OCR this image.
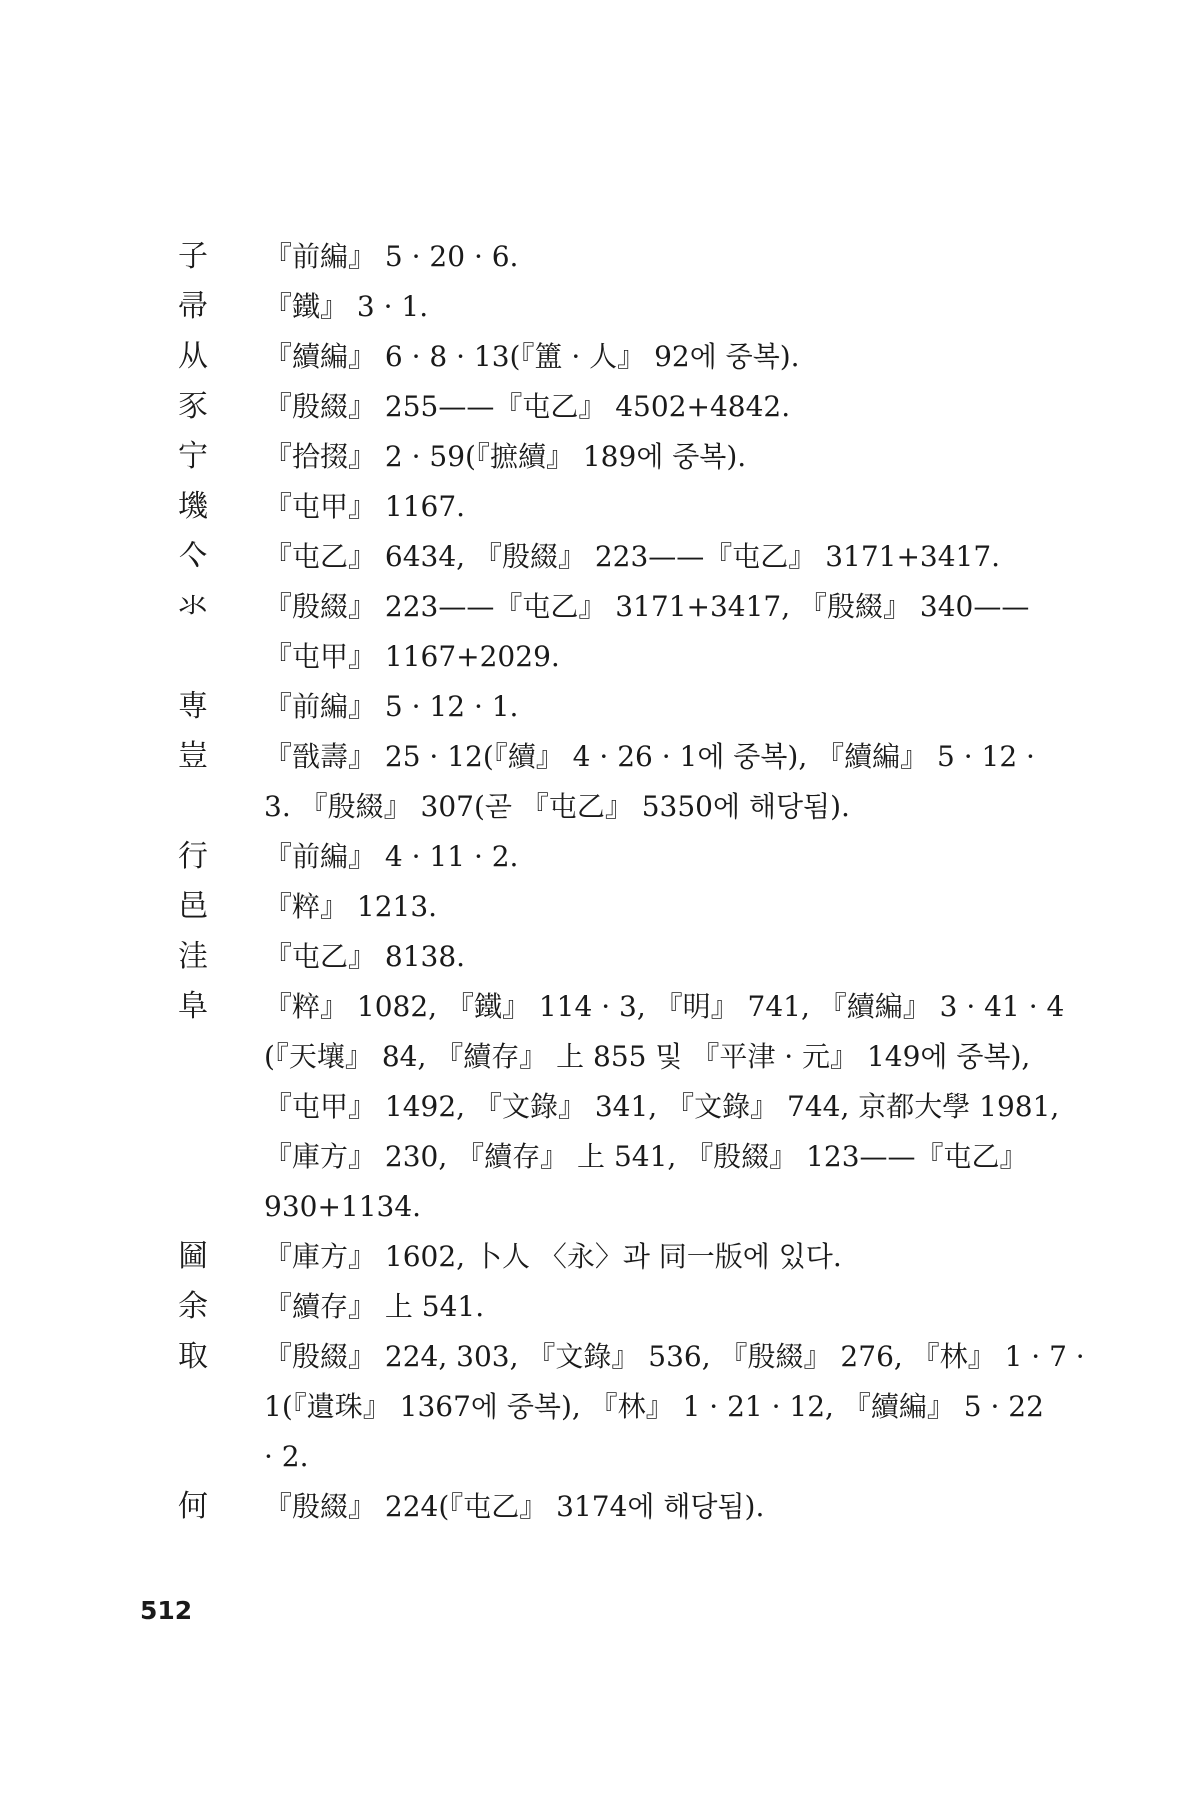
子	『前編』 5 · 20 · 6.
帚	『鐵』 3 · 1.
从	『續編』 6 · 8 · 13(『簠 · 人』 92에 중복).
豕	『殷綴』 255——『屯乙』 4502+4842.
宁	『拾掇』 2 · 59(『摭續』 189에 중복).
㙨	『屯甲』 1167.
亽	『屯乙』 6434, 『殷綴』 223——『屯乙』 3171+3417.
氺	『殷綴』 223——『屯乙』 3171+3417, 『殷綴』 340——
『屯甲』 1167+2029.
専	『前編』 5 · 12 · 1.
豈	『戩壽』 25 · 12(『續』 4 · 26 · 1에 중복), 『續編』 5 · 12 ·
3. 『殷綴』 307(곧 『屯乙』 5350에 해당됨).
行	『前編』 4 · 11 · 2.
邑	『粹』 1213.
洼	『屯乙』 8138.
阜	『粹』 1082, 『鐵』 114 · 3, 『明』 741, 『續編』 3 · 41 · 4
(『天壤』 84, 『續存』 上 855 및 『平津 · 元』 149에 중복),
『屯甲』 1492, 『文錄』 341, 『文錄』 744, 京都大學 1981,
『庫方』 230, 『續存』 上 541, 『殷綴』 123——『屯乙』
930+1134.
圙	『庫方』 1602, 卜人 〈永〉과 同一版에 있다.
余	『續存』 上 541.
取	『殷綴』 224, 303, 『文錄』 536, 『殷綴』 276, 『林』 1 · 7 ·
1(『遺珠』 1367에 중복), 『林』 1 · 21 · 12, 『續編』 5 · 22
· 2.
何	『殷綴』 224(『屯乙』 3174에 해당됨).
512
